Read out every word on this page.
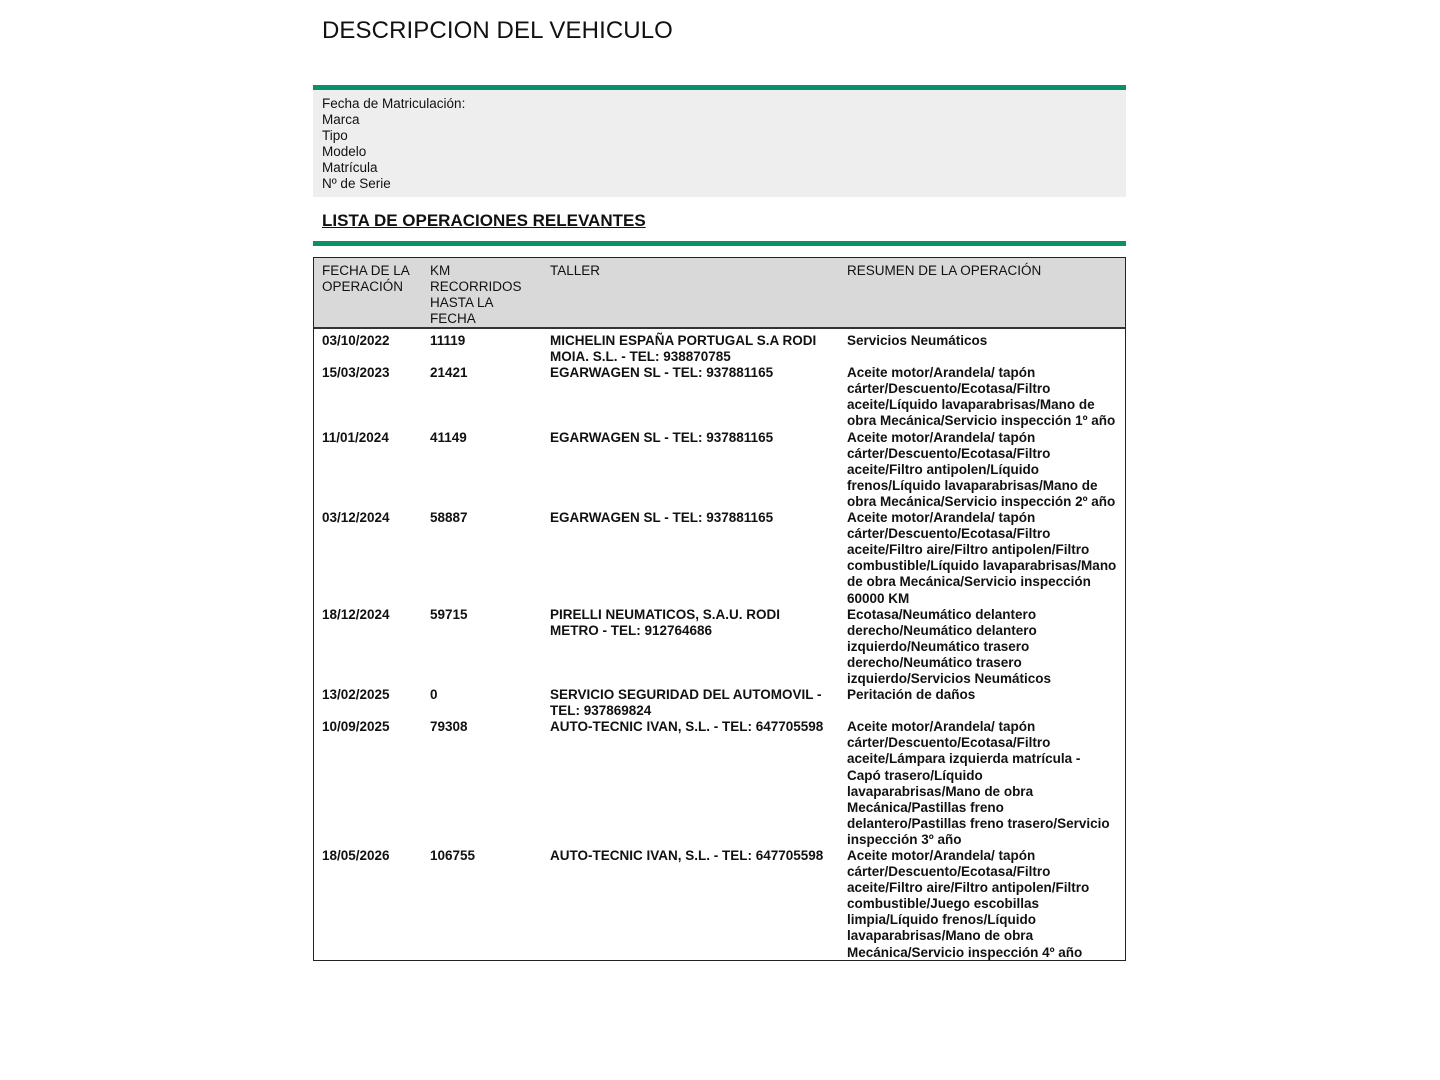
DESCRIPCION DEL VEHICULO
Fecha de Matriculación:
Marca
Tipo
Modelo
Matrícula
Nº de Serie
LISTA DE OPERACIONES RELEVANTES
FECHA DE LA OPERACIÓN	KM RECORRIDOS HASTA LA FECHA	TALLER	RESUMEN DE LA OPERACIÓN
03/10/2022	11119	MICHELIN ESPAÑA PORTUGAL S.A RODI MOIA. S.L. - TEL: 938870785	Servicios Neumáticos
15/03/2023	21421	EGARWAGEN SL - TEL: 937881165	Aceite motor/Arandela/ tapón cárter/Descuento/Ecotasa/Filtro aceite/Líquido lavaparabrisas/Mano de obra Mecánica/Servicio inspección 1º año
11/01/2024	41149	EGARWAGEN SL - TEL: 937881165	Aceite motor/Arandela/ tapón cárter/Descuento/Ecotasa/Filtro aceite/Filtro antipolen/Líquido frenos/Líquido lavaparabrisas/Mano de obra Mecánica/Servicio inspección 2º año
03/12/2024	58887	EGARWAGEN SL - TEL: 937881165	Aceite motor/Arandela/ tapón cárter/Descuento/Ecotasa/Filtro aceite/Filtro aire/Filtro antipolen/Filtro combustible/Líquido lavaparabrisas/Mano de obra Mecánica/Servicio inspección 60000 KM
18/12/2024	59715	PIRELLI NEUMATICOS, S.A.U. RODI METRO - TEL: 912764686	Ecotasa/Neumático delantero derecho/Neumático delantero izquierdo/Neumático trasero derecho/Neumático trasero izquierdo/Servicios Neumáticos
13/02/2025	0	SERVICIO SEGURIDAD DEL AUTOMOVIL - TEL: 937869824	Peritación de daños
10/09/2025	79308	AUTO-TECNIC IVAN, S.L. - TEL: 647705598	Aceite motor/Arandela/ tapón cárter/Descuento/Ecotasa/Filtro aceite/Lámpara izquierda matrícula - Capó trasero/Líquido lavaparabrisas/Mano de obra Mecánica/Pastillas freno delantero/Pastillas freno trasero/Servicio inspección 3º año
18/05/2026	106755	AUTO-TECNIC IVAN, S.L. - TEL: 647705598	Aceite motor/Arandela/ tapón cárter/Descuento/Ecotasa/Filtro aceite/Filtro aire/Filtro antipolen/Filtro combustible/Juego escobillas limpia/Líquido frenos/Líquido lavaparabrisas/Mano de obra Mecánica/Servicio inspección 4º año
